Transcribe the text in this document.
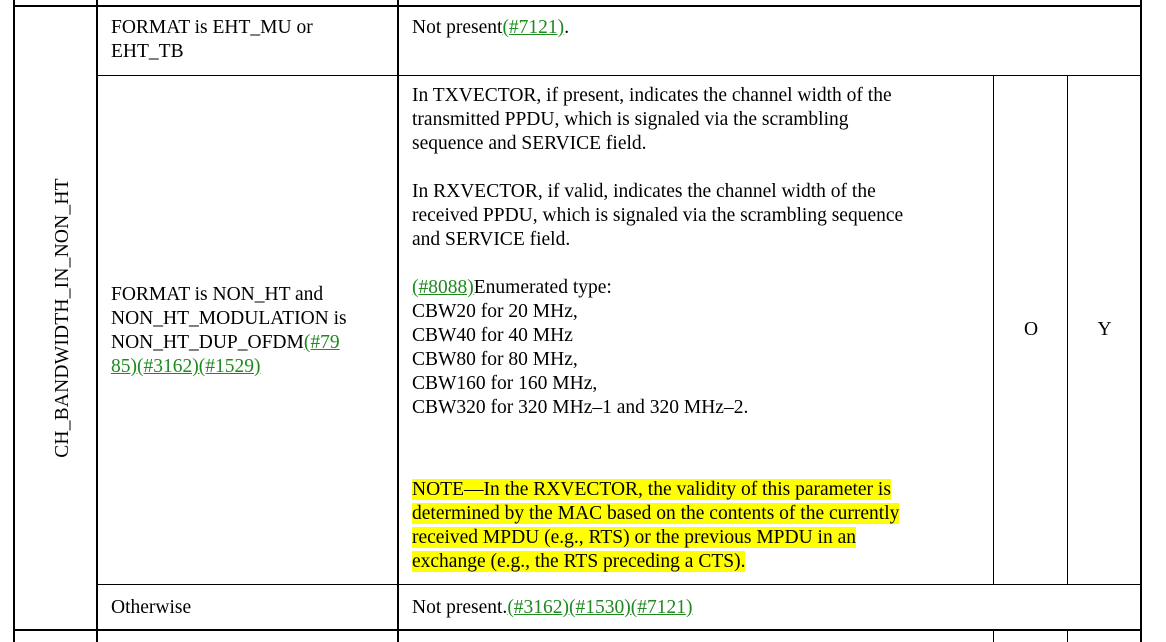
CH_BANDWIDTH_IN_NON_HT
FORMAT is EHT_MU or
EHT_TB
Not present(#7121).
FORMAT is NON_HT and
NON_HT_MODULATION is
NON_HT_DUP_OFDM(#79
85)(#3162)(#1529)
In TXVECTOR, if present, indicates the channel width of the
transmitted PPDU, which is signaled via the scrambling
sequence and SERVICE field.
In RXVECTOR, if valid, indicates the channel width of the
received PPDU, which is signaled via the scrambling sequence
and SERVICE field.
(#8088)Enumerated type:
CBW20 for 20 MHz,
CBW40 for 40 MHz
CBW80 for 80 MHz,
CBW160 for 160 MHz,
CBW320 for 320 MHz–1 and 320 MHz–2.
NOTE—In the RXVECTOR, the validity of this parameter is
determined by the MAC based on the contents of the currently
received MPDU (e.g., RTS) or the previous MPDU in an
exchange (e.g., the RTS preceding a CTS).
O	Y
Otherwise	Not present.(#3162)(#1530)(#7121)
